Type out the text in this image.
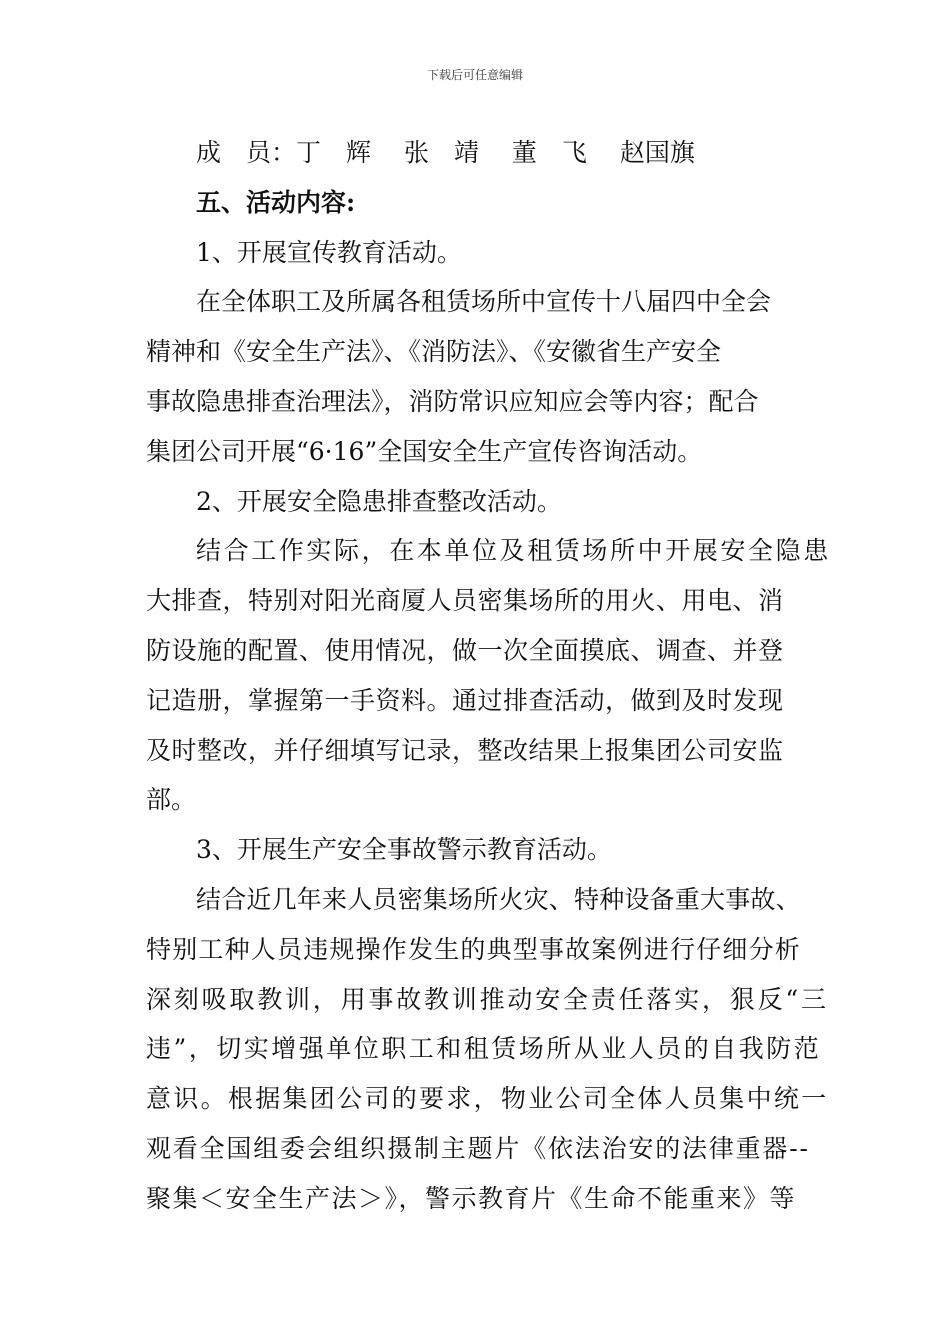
下载后可任意编辑
成　员：丁　辉　 张　靖　 董　飞　 赵国旗
五、活动内容:
1、开展宣传教育活动。
在全体职工及所属各租赁场所中宣传十八届四中全会
精神和《安全生产法》、《消防法》、《安徽省生产安全
事故隐患排查治理法》，消防常识应知应会等内容；配合
集团公司开展“6·16”全国安全生产宣传咨询活动。
2、开展安全隐患排查整改活动。
结合工作实际，在本单位及租赁场所中开展安全隐患
大排查，特别对阳光商厦人员密集场所的用火、用电、消
防设施的配置、使用情况，做一次全面摸底、调查、并登
记造册，掌握第一手资料。通过排查活动，做到及时发现
及时整改，并仔细填写记录，整改结果上报集团公司安监
部。
3、开展生产安全事故警示教育活动。
结合近几年来人员密集场所火灾、特种设备重大事故、
特别工种人员违规操作发生的典型事故案例进行仔细分析
深刻吸取教训，用事故教训推动安全责任落实，狠反“三
违”，切实增强单位职工和租赁场所从业人员的自我防范
意识。根据集团公司的要求，物业公司全体人员集中统一
观看全国组委会组织摄制主题片《依法治安的法律重器--
聚集＜安全生产法＞》，警示教育片《生命不能重来》等
